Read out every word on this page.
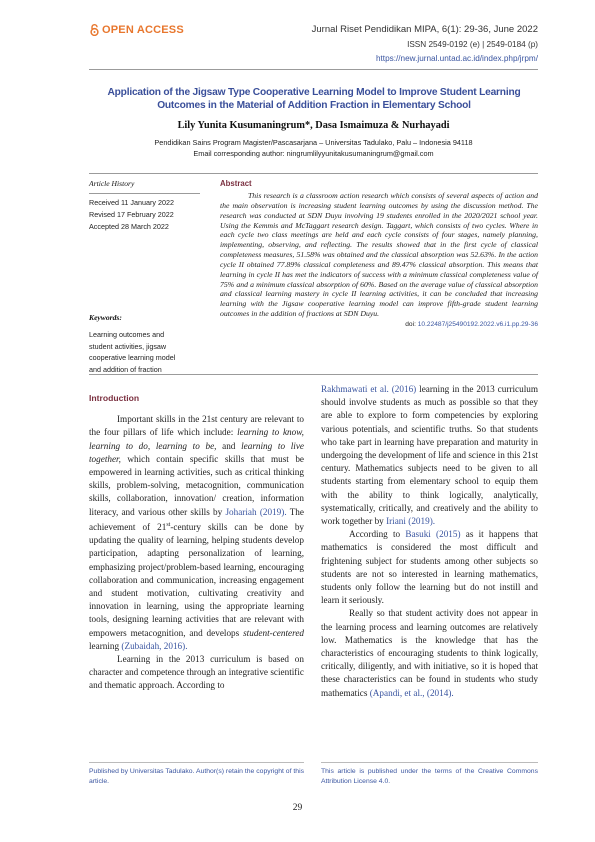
OPEN ACCESS	Jurnal Riset Pendidikan MIPA, 6(1): 29-36, June 2022
ISSN 2549-0192 (e) | 2549-0184 (p)
https://new.jurnal.untad.ac.id/index.php/jrpm/
Application of the Jigsaw Type Cooperative Learning Model to Improve Student Learning Outcomes in the Material of Addition Fraction in Elementary School
Lily Yunita Kusumaningrum*, Dasa Ismaimuza & Nurhayadi
Pendidikan Sains Program Magister/Pascasarjana – Universitas Tadulako, Palu – Indonesia 94118
Email corresponding author: ningrumlilyyunitakusumaningrum@gmail.com
Article History
Received 11 January 2022
Revised 17 February 2022
Accepted 28 March 2022
Keywords:
Learning outcomes and
student activities, jigsaw
cooperative learning model
and addition of fraction
Abstract
This research is a classroom action research which consists of several aspects of action and the main observation is increasing student learning outcomes by using the discussion method. The research was conducted at SDN Duyu involving 19 students enrolled in the 2020/2021 school year. Using the Kemmis and McTaggart research design. Taggart, which consists of two cycles. Where in each cycle two class meetings are held and each cycle consists of four stages, namely planning, implementing, observing, and reflecting. The results showed that in the first cycle of classical completeness measures, 51.58% was obtained and the classical absorption was 52.63%. In the action cycle II obtained 77.89% classical completeness and 89.47% classical absorption. This means that learning in cycle II has met the indicators of success with a minimum classical completeness value of 75% and a minimum classical absorption of 60%. Based on the average value of classical absorption and classical learning mastery in cycle II learning activities, it can be concluded that increasing learning with the Jigsaw cooperative learning model can improve fifth-grade student learning outcomes in the addition of fractions at SDN Duyu.
doi: 10.22487/j25490192.2022.v6.i1.pp.29-36
Introduction

Important skills in the 21st century are relevant to the four pillars of life which include: learning to know, learning to do, learning to be, and learning to live together, which contain specific skills that must be empowered in learning activities, such as critical thinking skills, problem-solving, metacognition, communication skills, collaboration, innovation/ creation, information literacy, and various other skills by Johariah (2019). The achievement of 21st-century skills can be done by updating the quality of learning, helping students develop participation, adapting personalization of learning, emphasizing project/problem-based learning, encouraging collaboration and communication, increasing engagement and student motivation, cultivating creativity and innovation in learning, using the appropriate learning tools, designing learning activities that are relevant with empowers metacognition, and develops student-centered learning (Zubaidah, 2016).

Learning in the 2013 curriculum is based on character and competence through an integrative scientific and thematic approach. According to

Rakhmawati et al. (2016) learning in the 2013 curriculum should involve students as much as possible so that they are able to explore to form competencies by exploring various potentials, and scientific truths. So that students who take part in learning have preparation and maturity in undergoing the development of life and science in this 21st century. Mathematics subjects need to be given to all students starting from elementary school to equip them with the ability to think logically, analytically, systematically, critically, and creatively and the ability to work together by Iriani (2019).

According to Basuki (2015) as it happens that mathematics is considered the most difficult and frightening subject for students among other subjects so students are not so interested in learning mathematics, students only follow the learning but do not instill and learn it seriously.

Really so that student activity does not appear in the learning process and learning outcomes are relatively low. Mathematics is the knowledge that has the characteristics of encouraging students to think logically, critically, diligently, and with initiative, so it is hoped that these characteristics can be found in students who study mathematics (Apandi, et al., (2014).

Published by Universitas Tadulako. Author(s) retain the copyright of this article.
This article is published under the terms of the Creative Commons Attribution License 4.0.
29
